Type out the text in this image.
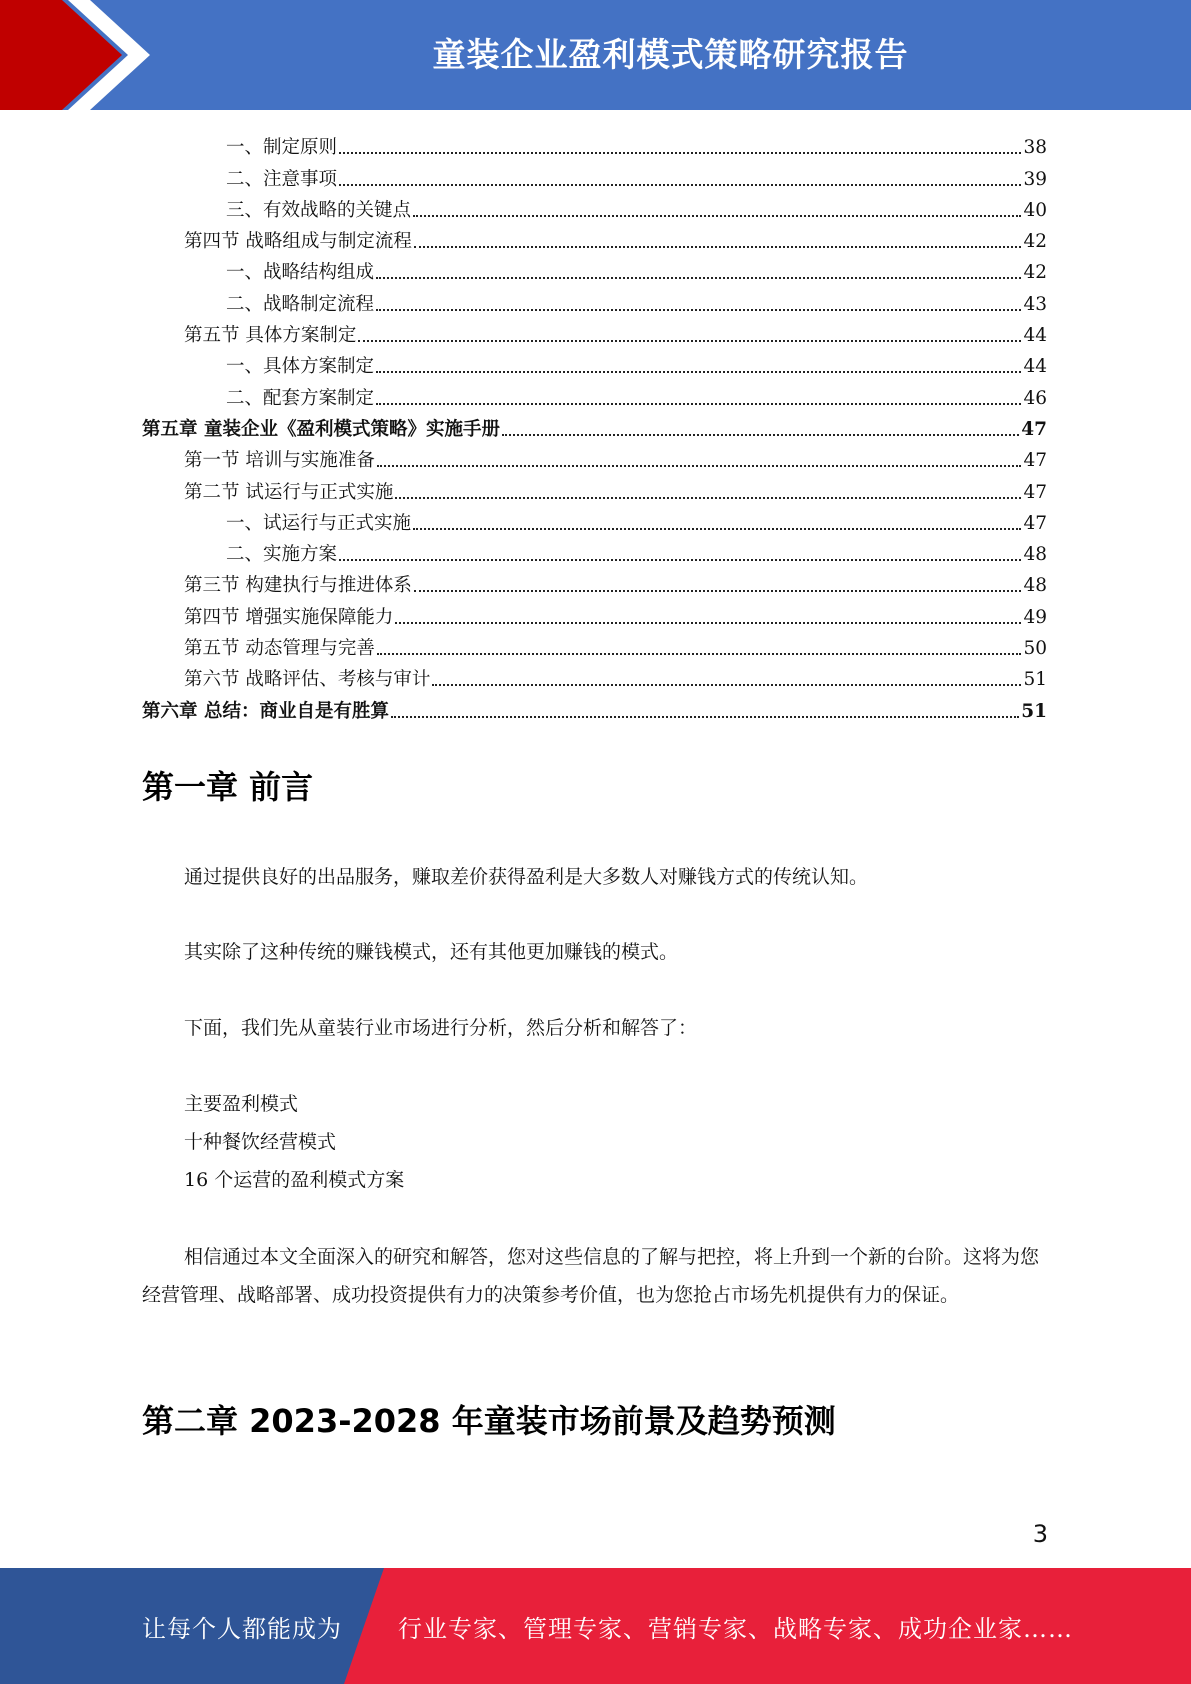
童装企业盈利模式策略研究报告
一、制定原则	38
二、注意事项	39
三、有效战略的关键点	40
第四节 战略组成与制定流程	42
一、战略结构组成	42
二、战略制定流程	43
第五节 具体方案制定	44
一、具体方案制定	44
二、配套方案制定	46
第五章 童装企业《盈利模式策略》实施手册	47
第一节 培训与实施准备	47
第二节 试运行与正式实施	47
一、试运行与正式实施	47
二、实施方案	48
第三节 构建执行与推进体系	48
第四节 增强实施保障能力	49
第五节 动态管理与完善	50
第六节 战略评估、考核与审计	51
第六章 总结：商业自是有胜算	51
第一章 前言
通过提供良好的出品服务，赚取差价获得盈利是大多数人对赚钱方式的传统认知。
其实除了这种传统的赚钱模式，还有其他更加赚钱的模式。
下面，我们先从童装行业市场进行分析，然后分析和解答了：
主要盈利模式
十种餐饮经营模式
16 个运营的盈利模式方案
相信通过本文全面深入的研究和解答，您对这些信息的了解与把控，将上升到一个新的台阶。这将为您经营管理、战略部署、成功投资提供有力的决策参考价值，也为您抢占市场先机提供有力的保证。
第二章 2023-2028 年童装市场前景及趋势预测
3
让每个人都能成为 行业专家、管理专家、营销专家、战略专家、成功企业家……
